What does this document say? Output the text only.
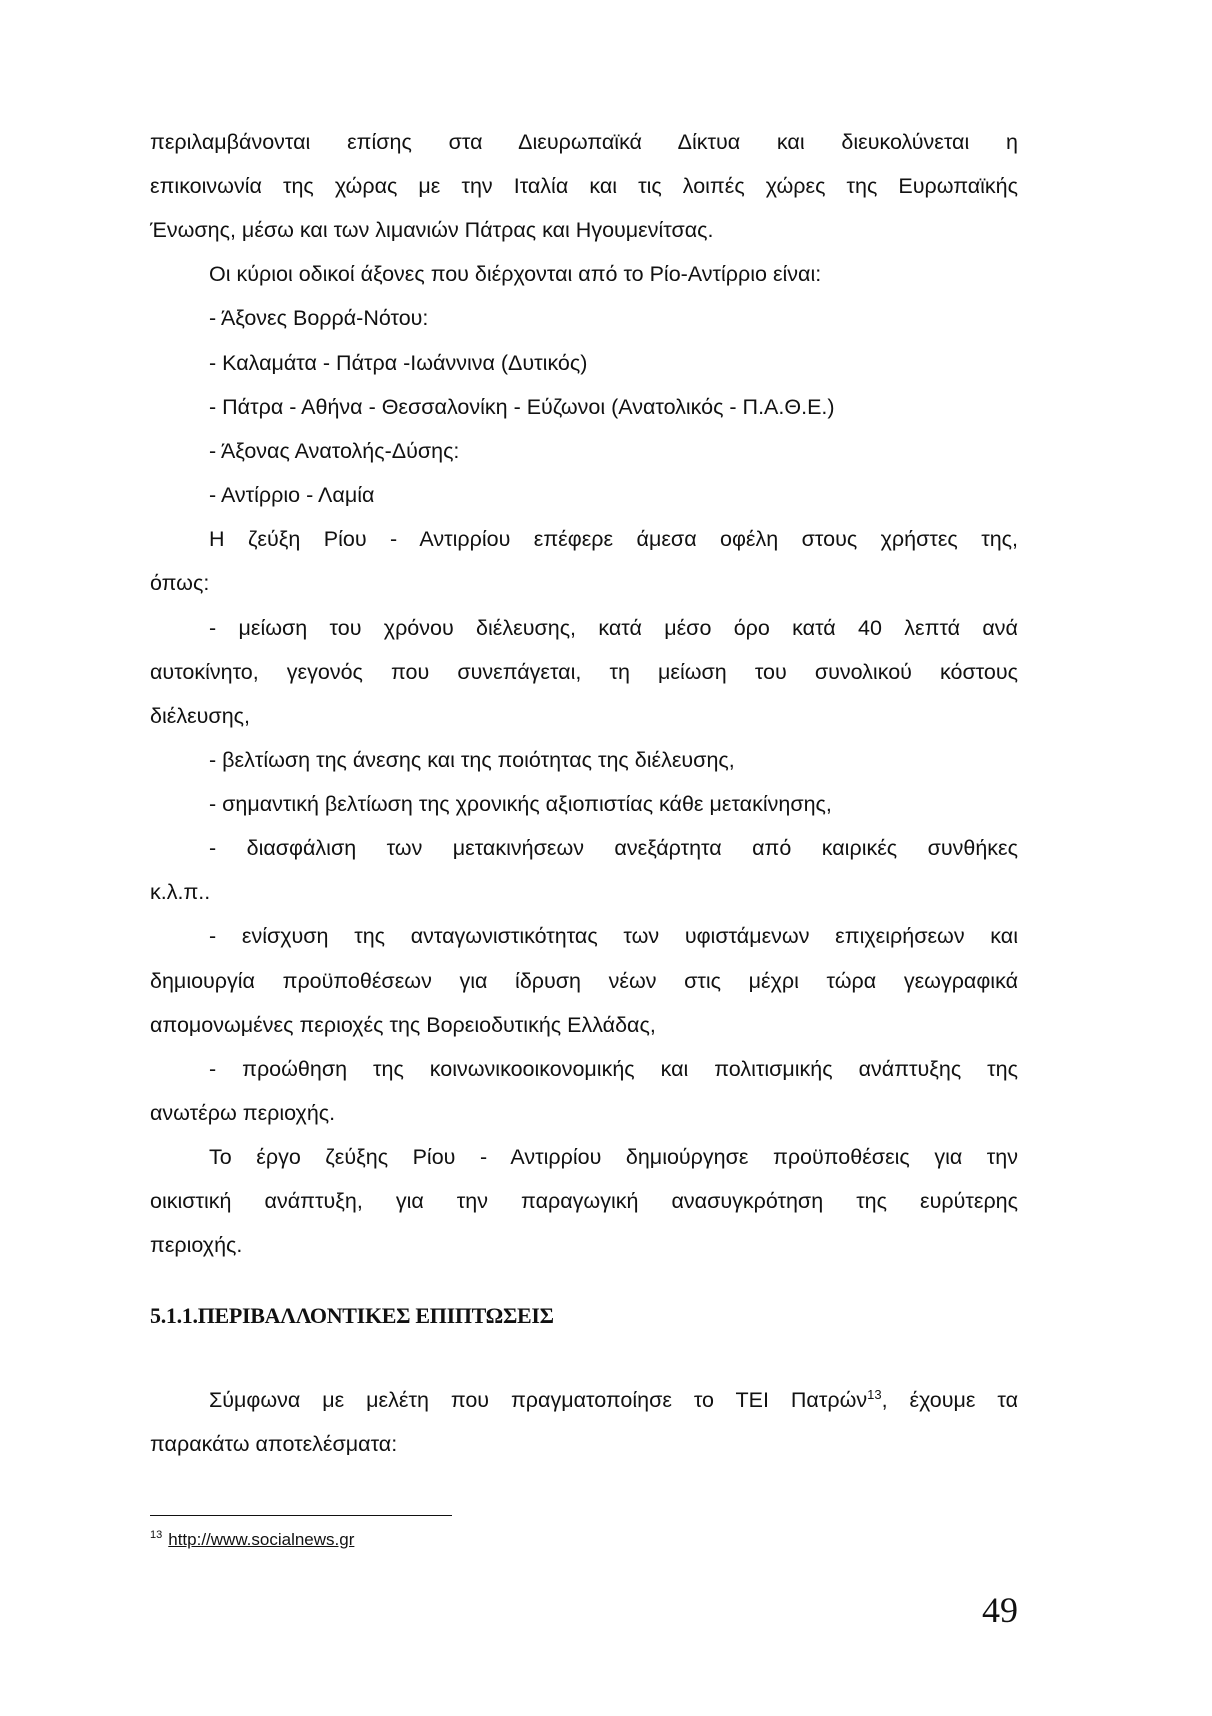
περιλαμβάνονται επίσης στα Διευρωπαϊκά Δίκτυα και διευκολύνεται η
επικοινωνία της χώρας με την Ιταλία και τις λοιπές χώρες της Ευρωπαϊκής
Ένωσης, μέσω και των λιμανιών Πάτρας και Ηγουμενίτσας.
Οι κύριοι οδικοί άξονες που διέρχονται από το Ρίο-Αντίρριο είναι:
- Άξονες Βορρά-Νότου:
- Καλαμάτα - Πάτρα -Ιωάννινα (Δυτικός)
- Πάτρα - Αθήνα - Θεσσαλονίκη - Εύζωνοι (Ανατολικός - Π.Α.Θ.Ε.)
- Άξονας Ανατολής-Δύσης:
- Αντίρριο - Λαμία
Η ζεύξη Ρίου - Αντιρρίου επέφερε άμεσα οφέλη στους χρήστες της,
όπως:
- μείωση του χρόνου διέλευσης, κατά μέσο όρο κατά 40 λεπτά ανά
αυτοκίνητο, γεγονός που συνεπάγεται, τη μείωση του συνολικού κόστους
διέλευσης,
- βελτίωση της άνεσης και της ποιότητας της διέλευσης,
- σημαντική βελτίωση της χρονικής αξιοπιστίας κάθε μετακίνησης,
- διασφάλιση των μετακινήσεων ανεξάρτητα από καιρικές συνθήκες
κ.λ.π..
- ενίσχυση της ανταγωνιστικότητας των υφιστάμενων επιχειρήσεων και
δημιουργία προϋποθέσεων για ίδρυση νέων στις μέχρι τώρα γεωγραφικά
απομονωμένες περιοχές της Βορειοδυτικής Ελλάδας,
- προώθηση της κοινωνικοοικονομικής και πολιτισμικής ανάπτυξης της
ανωτέρω περιοχής.
Το έργο ζεύξης Ρίου - Αντιρρίου δημιούργησε προϋποθέσεις για την
οικιστική ανάπτυξη, για την παραγωγική ανασυγκρότηση της ευρύτερης
περιοχής.
5.1.1.ΠΕΡΙΒΑΛΛΟΝΤΙΚΕΣ ΕΠΙΠΤΩΣΕΙΣ
Σύμφωνα με μελέτη που πραγματοποίησε το ΤΕΙ Πατρών$^{13}$, έχουμε τα
παρακάτω αποτελέσματα:
$^{13}$ http://www.socialnews.gr
49
